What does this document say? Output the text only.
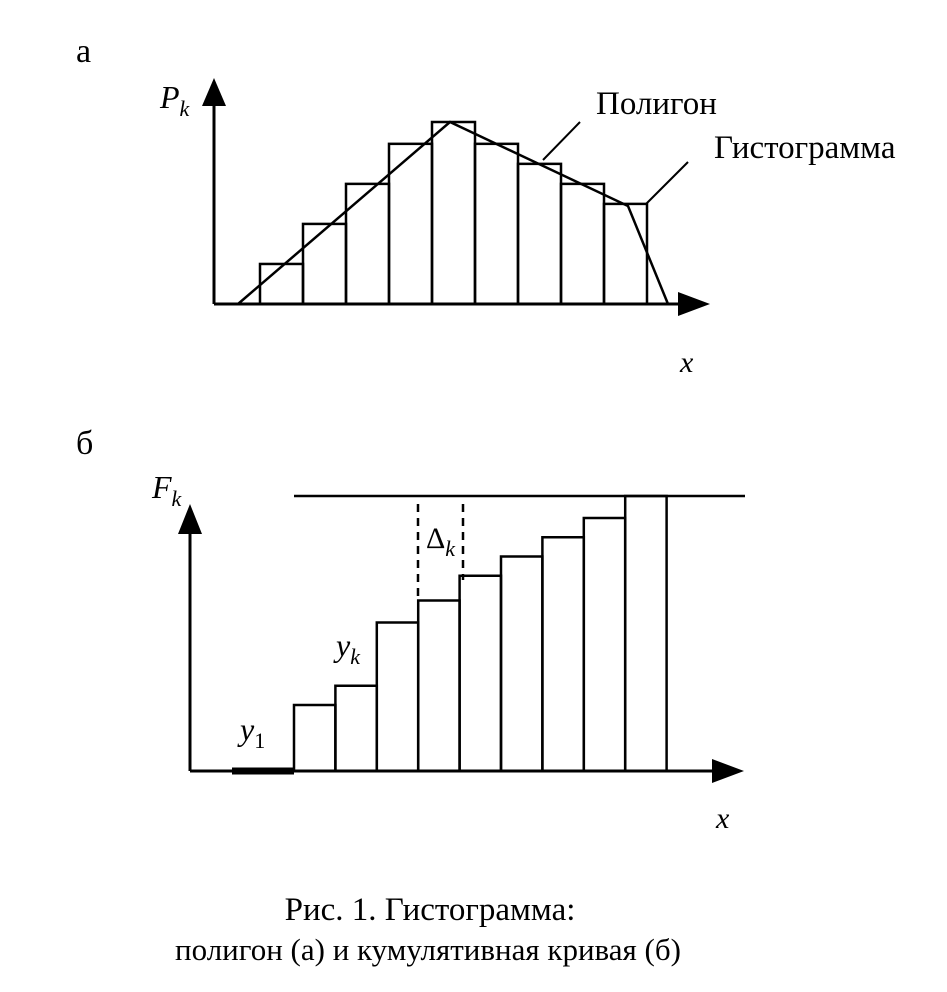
а
Pk
x
Полигон
Гистограмма
б
Fk
x
Δk
yk
y1
Рис. 1. Гистограмма:
полигон (а) и кумулятивная кривая (б)
